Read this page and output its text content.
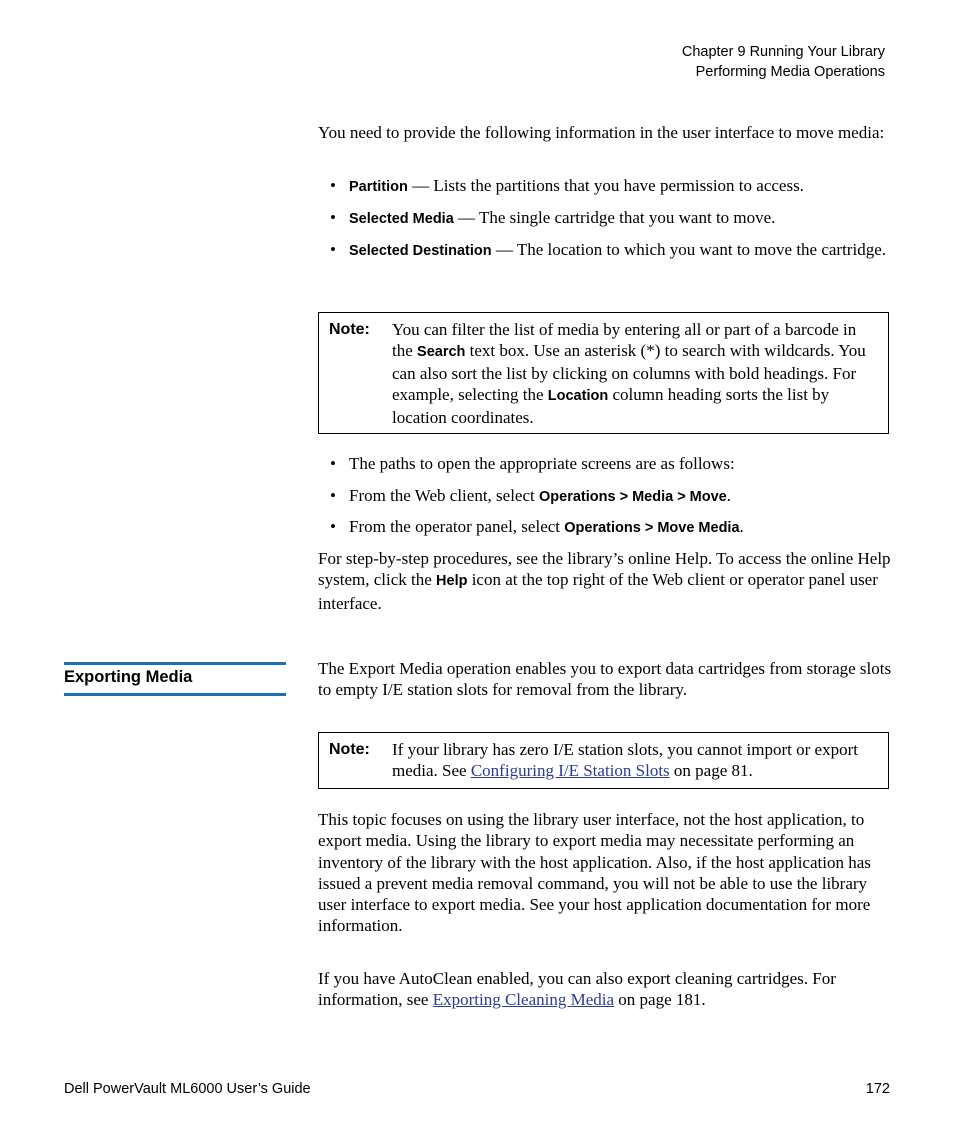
Chapter 9 Running Your Library
Performing Media Operations
You need to provide the following information in the user interface to move media:
• Partition — Lists the partitions that you have permission to access.
• Selected Media — The single cartridge that you want to move.
• Selected Destination — The location to which you want to move the cartridge.
Note: You can filter the list of media by entering all or part of a barcode in the Search text box. Use an asterisk (*) to search with wildcards. You can also sort the list by clicking on columns with bold headings. For example, selecting the Location column heading sorts the list by location coordinates.
• The paths to open the appropriate screens are as follows:
• From the Web client, select Operations > Media > Move.
• From the operator panel, select Operations > Move Media.
For step-by-step procedures, see the library’s online Help. To access the online Help system, click the Help icon at the top right of the Web client or operator panel user interface.
Exporting Media	The Export Media operation enables you to export data cartridges from storage slots to empty I/E station slots for removal from the library.
Note: If your library has zero I/E station slots, you cannot import or export media. See Configuring I/E Station Slots on page 81.
This topic focuses on using the library user interface, not the host application, to export media. Using the library to export media may necessitate performing an inventory of the library with the host application. Also, if the host application has issued a prevent media removal command, you will not be able to use the library user interface to export media. See your host application documentation for more information.
If you have AutoClean enabled, you can also export cleaning cartridges. For information, see Exporting Cleaning Media on page 181.
Dell PowerVault ML6000 User’s Guide	172
